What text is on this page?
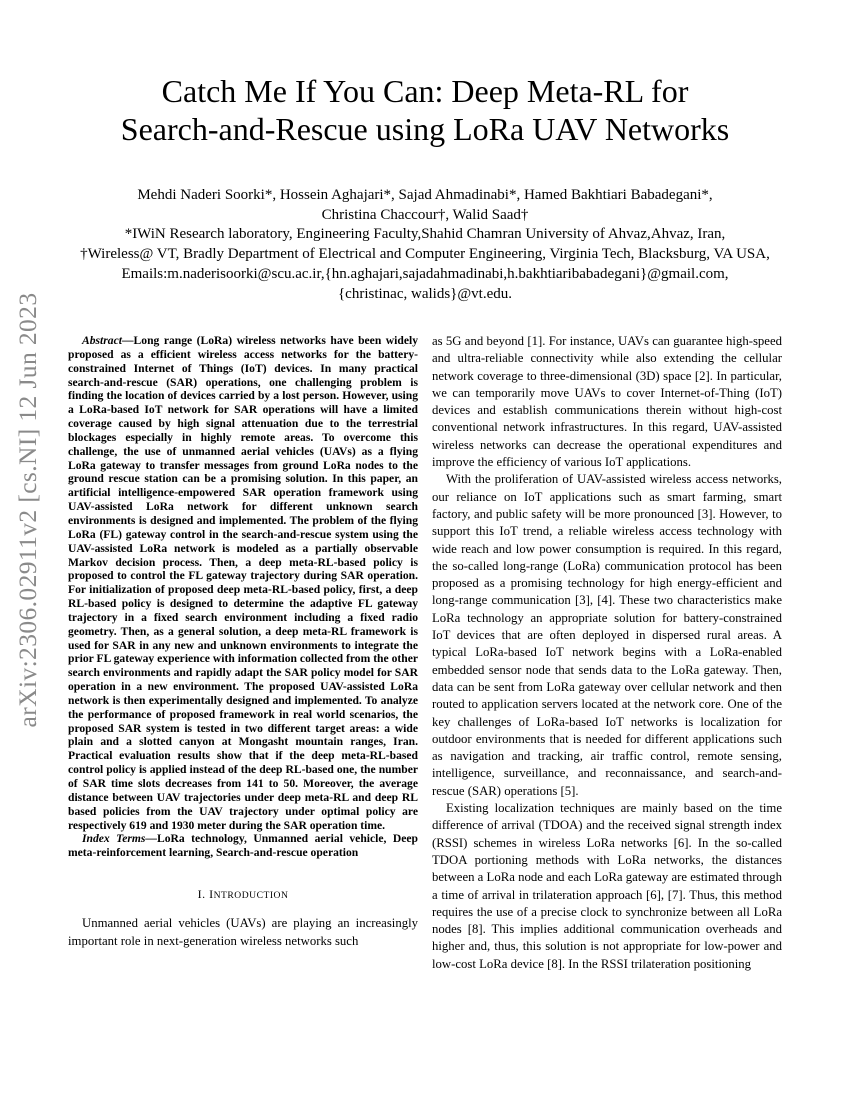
arXiv:2306.02911v2 [cs.NI] 12 Jun 2023
Catch Me If You Can: Deep Meta-RL for
Search-and-Rescue using LoRa UAV Networks
Mehdi Naderi Soorki*, Hossein Aghajari*, Sajad Ahmadinabi*, Hamed Bakhtiari Babadegani*,
Christina Chaccour†, Walid Saad†
*IWiN Research laboratory, Engineering Faculty,Shahid Chamran University of Ahvaz,Ahvaz, Iran,
†Wireless@ VT, Bradly Department of Electrical and Computer Engineering, Virginia Tech, Blacksburg, VA USA,
Emails:m.naderisoorki@scu.ac.ir,{hn.aghajari,sajadahmadinabi,h.bakhtiaribabadegani}@gmail.com,
{christinac, walids}@vt.edu.

Abstract—Long range (LoRa) wireless networks have been widely proposed as a efficient wireless access networks for the battery-constrained Internet of Things (IoT) devices. In many practical search-and-rescue (SAR) operations, one challenging problem is finding the location of devices carried by a lost person. However, using a LoRa-based IoT network for SAR operations will have a limited coverage caused by high signal attenuation due to the terrestrial blockages especially in highly remote areas. To overcome this challenge, the use of unmanned aerial vehicles (UAVs) as a flying LoRa gateway to transfer messages from ground LoRa nodes to the ground rescue station can be a promising solution. In this paper, an artificial intelligence-empowered SAR operation framework using UAV-assisted LoRa network for different unknown search environments is designed and implemented. The problem of the flying LoRa (FL) gateway control in the search-and-rescue system using the UAV-assisted LoRa network is modeled as a partially observable Markov decision process. Then, a deep meta-RL-based policy is proposed to control the FL gateway trajectory during SAR operation. For initialization of proposed deep meta-RL-based policy, first, a deep RL-based policy is designed to determine the adaptive FL gateway trajectory in a fixed search environment including a fixed radio geometry. Then, as a general solution, a deep meta-RL framework is used for SAR in any new and unknown environments to integrate the prior FL gateway experience with information collected from the other search environments and rapidly adapt the SAR policy model for SAR operation in a new environment. The proposed UAV-assisted LoRa network is then experimentally designed and implemented. To analyze the performance of proposed framework in real world scenarios, the proposed SAR system is tested in two different target areas: a wide plain and a slotted canyon at Mongasht mountain ranges, Iran. Practical evaluation results show that if the deep meta-RL-based control policy is applied instead of the deep RL-based one, the number of SAR time slots decreases from 141 to 50. Moreover, the average distance between UAV trajectories under deep meta-RL and deep RL based policies from the UAV trajectory under optimal policy are respectively 619 and 1930 meter during the SAR operation time.

Index Terms—LoRa technology, Unmanned aerial vehicle, Deep meta-reinforcement learning, Search-and-rescue operation

I. INTRODUCTION

Unmanned aerial vehicles (UAVs) are playing an increasingly important role in next-generation wireless networks such

as 5G and beyond [1]. For instance, UAVs can guarantee high-speed and ultra-reliable connectivity while also extending the cellular network coverage to three-dimensional (3D) space [2]. In particular, we can temporarily move UAVs to cover Internet-of-Thing (IoT) devices and establish communications therein without high-cost conventional network infrastructures. In this regard, UAV-assisted wireless networks can decrease the operational expenditures and improve the efficiency of various IoT applications.

With the proliferation of UAV-assisted wireless access networks, our reliance on IoT applications such as smart farming, smart factory, and public safety will be more pronounced [3]. However, to support this IoT trend, a reliable wireless access technology with wide reach and low power consumption is required. In this regard, the so-called long-range (LoRa) communication protocol has been proposed as a promising technology for high energy-efficient and long-range communication [3], [4]. These two characteristics make LoRa technology an appropriate solution for battery-constrained IoT devices that are often deployed in dispersed rural areas. A typical LoRa-based IoT network begins with a LoRa-enabled embedded sensor node that sends data to the LoRa gateway. Then, data can be sent from LoRa gateway over cellular network and then routed to application servers located at the network core. One of the key challenges of LoRa-based IoT networks is localization for outdoor environments that is needed for different applications such as navigation and tracking, air traffic control, remote sensing, intelligence, surveillance, and reconnaissance, and search-and-rescue (SAR) operations [5].

Existing localization techniques are mainly based on the time difference of arrival (TDOA) and the received signal strength index (RSSI) schemes in wireless LoRa networks [6]. In the so-called TDOA portioning methods with LoRa networks, the distances between a LoRa node and each LoRa gateway are estimated through a time of arrival in trilateration approach [6], [7]. Thus, this method requires the use of a precise clock to synchronize between all LoRa nodes [8]. This implies additional communication overheads and higher and, thus, this solution is not appropriate for low-power and low-cost LoRa device [8]. In the RSSI trilateration positioning
